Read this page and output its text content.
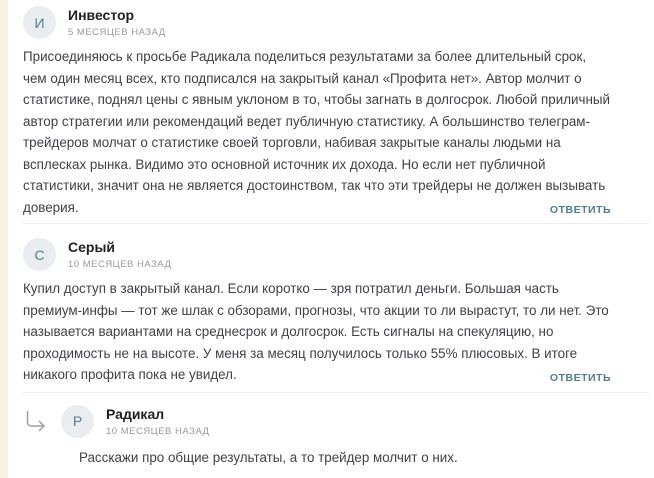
И	Инвестор
5 МЕСЯЦЕВ НАЗАД

Присоединяюсь к просьбе Радикала поделиться результатами за более длительный срок, чем один месяц всех, кто подписался на закрытый канал «Профита нет». Автор молчит о статистике, поднял цены с явным уклоном в то, чтобы загнать в долгосрок. Любой приличный автор стратегии или рекомендаций ведет публичную статистику. А большинство телеграм-трейдеров молчат о статистике своей торговли, набивая закрытые каналы людьми на всплесках рынка. Видимо это основной источник их дохода. Но если нет публичной статистики, значит она не является достоинством, так что эти трейдеры не должен вызывать доверия.	ОТВЕТИТЬ
С	Серый
10 МЕСЯЦЕВ НАЗАД

Купил доступ в закрытый канал. Если коротко — зря потратил деньги. Большая часть премиум-инфы — тот же шлак с обзорами, прогнозы, что акции то ли вырастут, то ли нет. Это называется вариантами на среднесрок и долгосрок. Есть сигналы на спекуляцию, но проходимость не на высоте. У меня за месяц получилось только 55% плюсовых. В итоге никакого профита пока не увидел.	ОТВЕТИТЬ
Р	Радикал
10 МЕСЯЦЕВ НАЗАД

Расскажи про общие результаты, а то трейдер молчит о них.
